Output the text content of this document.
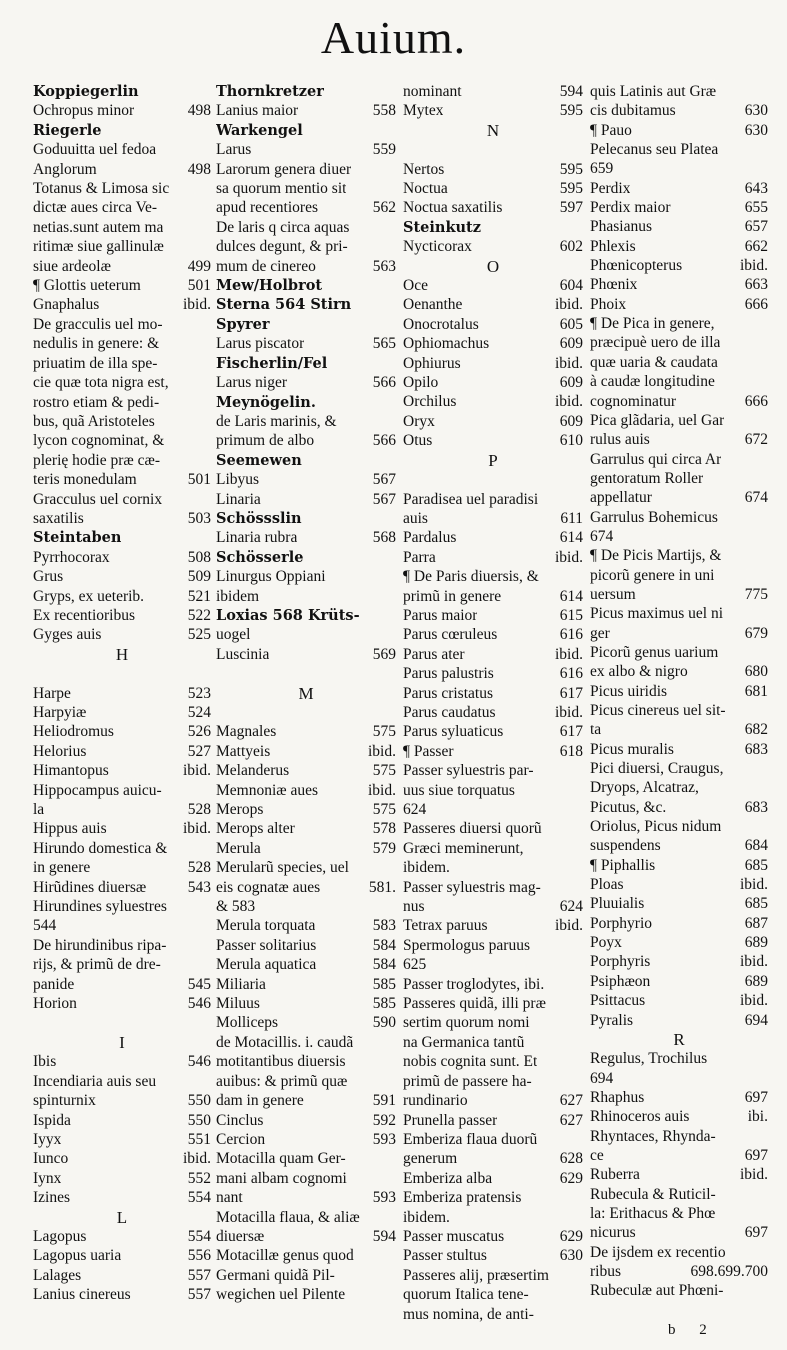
Auium.
Koppiegerlin
Ochropus minor	498
Riegerle
Goduuitta uel fedoa
Anglorum	498
Totanus & Limosa sic
dictæ aues circa Ve-
netias.sunt autem ma
ritimæ siue gallinulæ
siue ardeolæ	499
¶ Glottis ueterum	501
Gnaphalus	ibid.
De gracculis uel mo-
nedulis in genere: &
priuatim de illa spe-
cie quæ tota nigra est,
rostro etiam & pedi-
bus, quã Aristoteles
lycon cognominat, &
plerię hodie præ cæ-
teris monedulam	501
Gracculus uel cornix
saxatilis	503
Steintaben
Pyrrhocorax	508
Grus	509
Gryps, ex ueterib.	521
Ex recentioribus	522
Gyges auis	525
H
Harpe	523
Harpyiæ	524
Heliodromus	526
Helorius	527
Himantopus	ibid.
Hippocampus auicu-
la	528
Hippus auis	ibid.
Hirundo domestica &
in genere	528
Hirũdines diuersæ	543
Hirundines syluestres
544
De hirundinibus ripa-
rijs, & primũ de dre-
panide	545
Horion	546
I
Ibis	546
Incendiaria auis seu
spinturnix	550
Ispida	550
Iyyx	551
Iunco	ibid.
Iynx	552
Izines	554
L
Lagopus	554
Lagopus uaria	556
Lalages	557
Lanius cinereus	557
Thornkretzer
Lanius maior	558
Warkengel
Larus	559
Larorum genera diuer
sa quorum mentio sit
apud recentiores	562
De laris q circa aquas
dulces degunt, & pri-
mum de cinereo	563
Mew/Holbrot
Sterna 564 Stirn
Spyrer
Larus piscator	565
Fischerlin/Fel
Larus niger	566
Meynögelin.
de Laris marinis, &
primum de albo	566
Seemewen
Libyus	567
Linaria	567
Schössslin
Linaria rubra	568
Schösserle
Linurgus Oppiani
ibidem
Loxias 568 Krüts-
uogel
Luscinia	569
M
Magnales	575
Mattyeis	ibid.
Melanderus	575
Memnoniæ aues	ibid.
Merops	575
Merops alter	578
Merula	579
Merularũ species, uel
eis cognatæ aues	581.
& 583
Merula torquata	583
Passer solitarius	584
Merula aquatica	584
Miliaria	585
Miluus	585
Molliceps	590
de Motacillis. i. caudã
motitantibus diuersis
auibus: & primũ quæ
dam in genere	591
Cinclus	592
Cercion	593
Motacilla quam Ger-
mani albam cognomi
nant	593
Motacilla flaua, & aliæ
diuersæ	594
Motacillæ genus quod
Germani quidã Pil-
wegichen uel Pilente
nominant	594
Mytex	595
N
Nertos	595
Noctua	595
Noctua saxatilis	597
Steinkutz
Nycticorax	602
O
Oce	604
Oenanthe	ibid.
Onocrotalus	605
Ophiomachus	609
Ophiurus	ibid.
Opilo	609
Orchilus	ibid.
Oryx	609
Otus	610
P
Paradisea uel paradisi
auis	611
Pardalus	614
Parra	ibid.
¶ De Paris diuersis, &
primũ in genere	614
Parus maior	615
Parus cœruleus	616
Parus ater	ibid.
Parus palustris	616
Parus cristatus	617
Parus caudatus	ibid.
Parus syluaticus	617
¶ Passer	618
Passer syluestris par-
uus siue torquatus
624
Passeres diuersi quorũ
Græci meminerunt,
ibidem.
Passer syluestris mag-
nus	624
Tetrax paruus	ibid.
Spermologus paruus
625
Passer troglodytes, ibi.
Passeres quidã, illi præ
sertim quorum nomi
na Germanica tantũ
nobis cognita sunt. Et
primũ de passere ha-
rundinario	627
Prunella passer	627
Emberiza flaua duorũ
generum	628
Emberiza alba	629
Emberiza pratensis
ibidem.
Passer muscatus	629
Passer stultus	630
Passeres alij, præsertim
quorum Italica tene-
mus nomina, de anti-
quis Latinis aut Græ
cis dubitamus	630
¶ Pauo	630
Pelecanus seu Platea
659
Perdix	643
Perdix maior	655
Phasianus	657
Phlexis	662
Phœnicopterus	ibid.
Phœnix	663
Phoix	666
¶ De Pica in genere,
præcipuè uero de illa
quæ uaria & caudata
à caudæ longitudine
cognominatur	666
Pica glãdaria, uel Gar
rulus auis	672
Garrulus qui circa Ar
gentoratum Roller
appellatur	674
Garrulus Bohemicus
674
¶ De Picis Martijs, &
picorũ genere in uni
uersum	775
Picus maximus uel ni
ger	679
Picorũ genus uarium
ex albo & nigro	680
Picus uiridis	681
Picus cinereus uel sit-
ta	682
Picus muralis	683
Pici diuersi, Craugus,
Dryops, Alcatraz,
Picutus, &c.	683
Oriolus, Picus nidum
suspendens	684
¶ Piphallis	685
Ploas	ibid.
Pluuialis	685
Porphyrio	687
Poyx	689
Porphyris	ibid.
Psiphæon	689
Psittacus	ibid.
Pyralis	694
R
Regulus, Trochilus
694
Rhaphus	697
Rhinoceros auis	ibi.
Rhyntaces, Rhynda-
ce	697
Ruberra	ibid.
Rubecula & Ruticil-
la: Erithacus & Phœ
nicurus	697
De ijsdem ex recentio
ribus	698.699.700
Rubeculæ aut Phœni-
b 2
